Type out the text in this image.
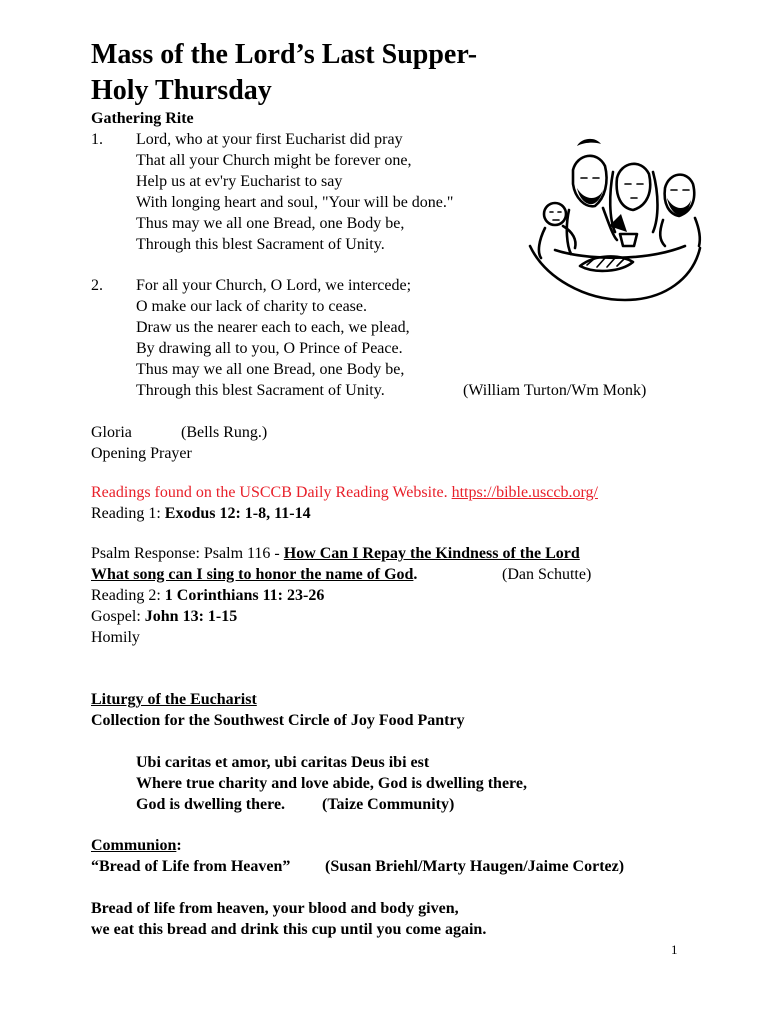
Mass of the Lord’s Last Supper-
Holy Thursday
Gathering Rite
1. Lord, who at your first Eucharist did pray
That all your Church might be forever one,
Help us at ev'ry Eucharist to say
With longing heart and soul, "Your will be done."
Thus may we all one Bread, one Body be,
Through this blest Sacrament of Unity.
2. For all your Church, O Lord, we intercede;
O make our lack of charity to cease.
Draw us the nearer each to each, we plead,
By drawing all to you, O Prince of Peace.
Thus may we all one Bread, one Body be,
Through this blest Sacrament of Unity.	(William Turton/Wm Monk)
Gloria	(Bells Rung.)
Opening Prayer
Readings found on the USCCB Daily Reading Website. https://bible.usccb.org/
Reading 1: Exodus 12: 1-8, 11-14
Psalm Response: Psalm 116 - How Can I Repay the Kindness of the Lord
What song can I sing to honor the name of God.	(Dan Schutte)
Reading 2: 1 Corinthians 11: 23-26
Gospel: John 13: 1-15
Homily
Liturgy of the Eucharist
Collection for the Southwest Circle of Joy Food Pantry
Ubi caritas et amor, ubi caritas Deus ibi est
Where true charity and love abide, God is dwelling there,
God is dwelling there. (Taize Community)
Communion:
“Bread of Life from Heaven” (Susan Briehl/Marty Haugen/Jaime Cortez)
Bread of life from heaven, your blood and body given,
we eat this bread and drink this cup until you come again.
1
